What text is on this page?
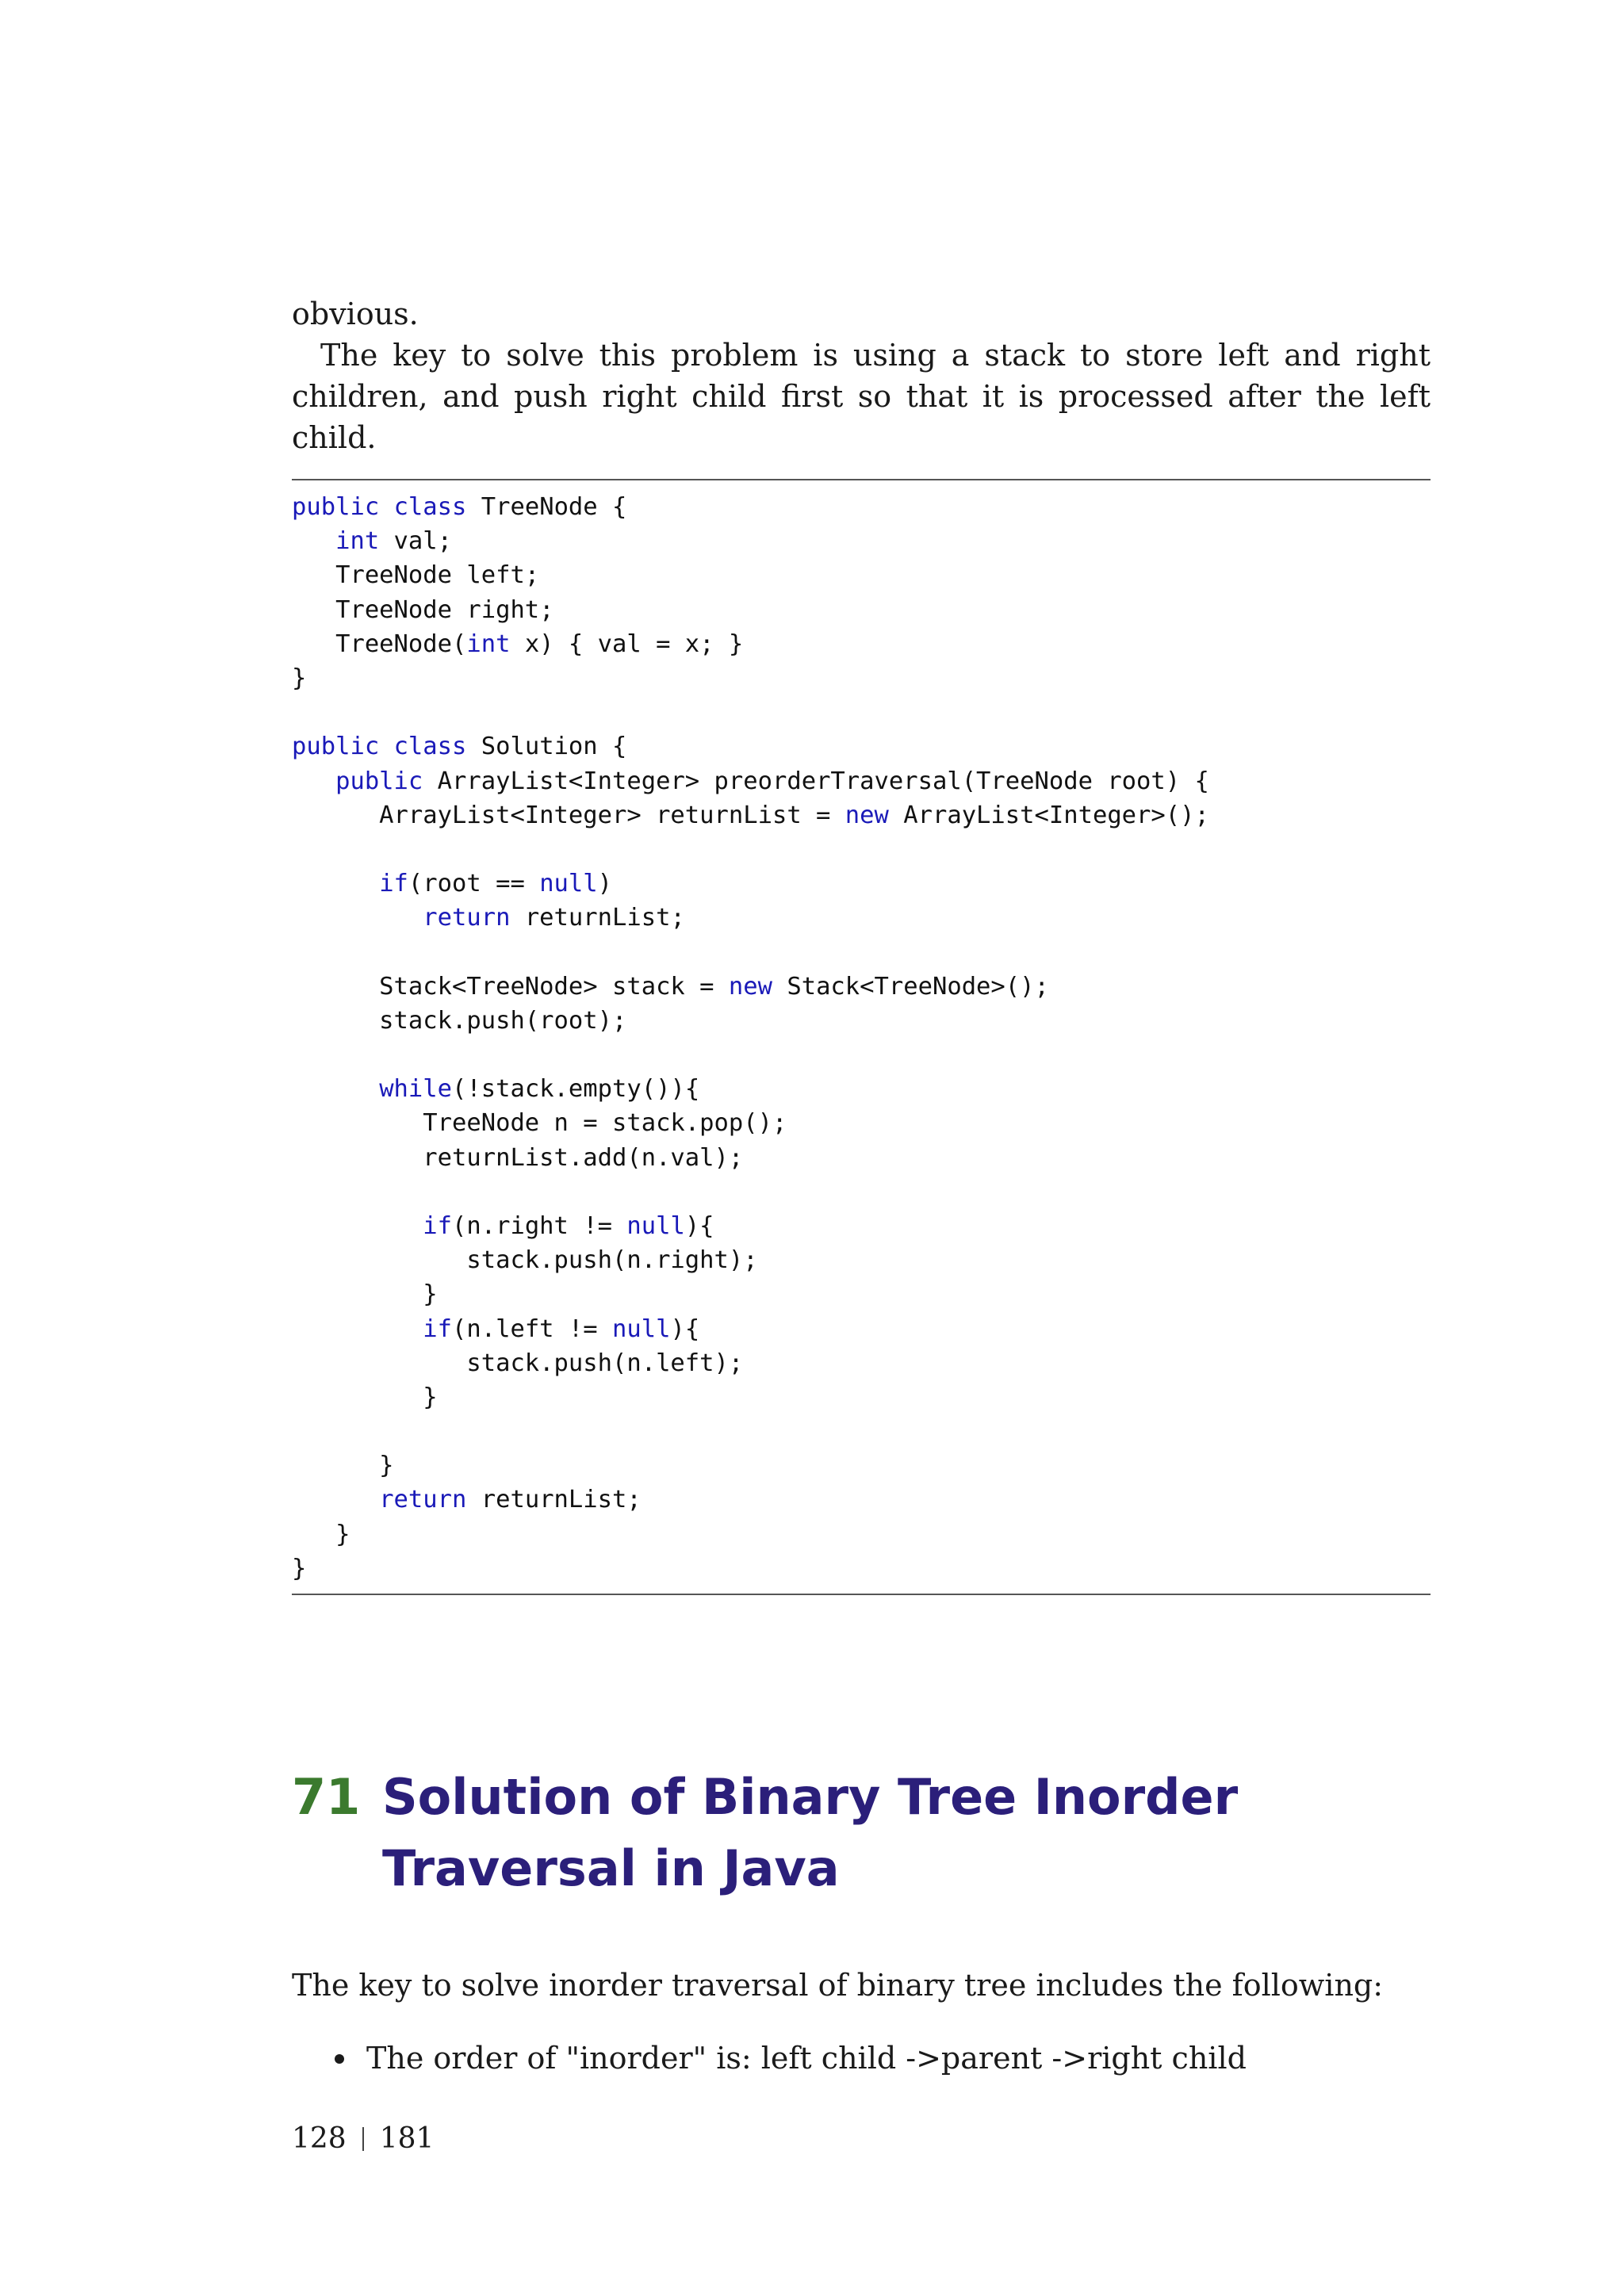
obvious.

The key to solve this problem is using a stack to store left and right children, and push right child first so that it is processed after the left child.

public class TreeNode {
int val;
TreeNode left;
TreeNode right;
TreeNode(int x) { val = x; }
}
public class Solution {
public ArrayList<Integer> preorderTraversal(TreeNode root) {
ArrayList<Integer> returnList = new ArrayList<Integer>();
if(root == null)
return returnList;
Stack<TreeNode> stack = new Stack<TreeNode>();
stack.push(root);
while(!stack.empty()){
TreeNode n = stack.pop();
returnList.add(n.val);
if(n.right != null){
stack.push(n.right);
}
if(n.left != null){
stack.push(n.left);
}
}
return returnList;
}
}
71 Solution of Binary Tree Inorder Traversal in Java

The key to solve inorder traversal of binary tree includes the following:

The order of "inorder" is: left child ->parent ->right child
128 181
